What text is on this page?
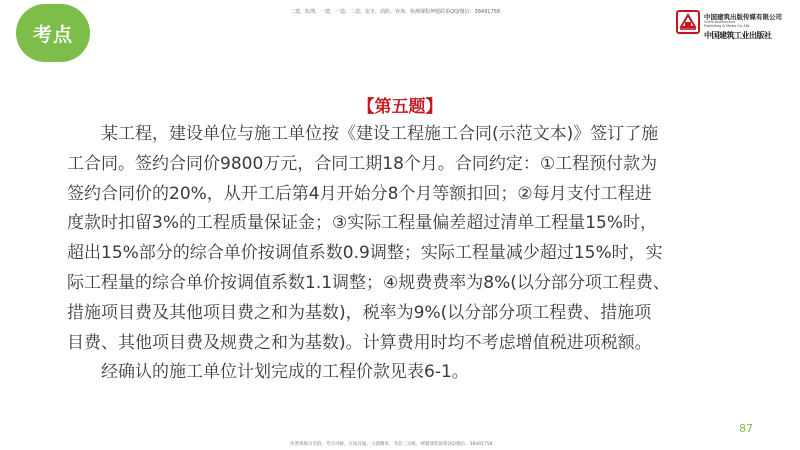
考点
二建、监理、一建、一造、二造、安全、消防、咨询、检测课程押题联系QQ/微信：38491758
中国建筑出版传媒有限公司
China Architecture
Publishing & Media Co.,Ltd.
中国建筑工业出版社
【第五题】
某工程，建设单位与施工单位按《建设工程施工合同(示范文本)》签订了施
工合同。签约合同价9800万元，合同工期18个月。合同约定：①工程预付款为
签约合同价的20%，从开工后第4月开始分8个月等额扣回；②每月支付工程进
度款时扣留3%的工程质量保证金；③实际工程量偏差超过清单工程量15%时，
超出15%部分的综合单价按调值系数0.9调整；实际工程量减少超过15%时，实
际工程量的综合单价按调值系数1.1调整；④规费费率为8%(以分部分项工程费、
措施项目费及其他项目费之和为基数)，税率为9%(以分部分项工程费、措施项
目费、其他项目费及规费之和为基数)。计算费用时均不考虑增值税进项税额。
经确认的施工单位计划完成的工程价款见表6-1。
87
免费视频分享群，考点讲解，在线答疑，习题精讲，考前三页纸，押题课程联系QQ/微信：38491758
